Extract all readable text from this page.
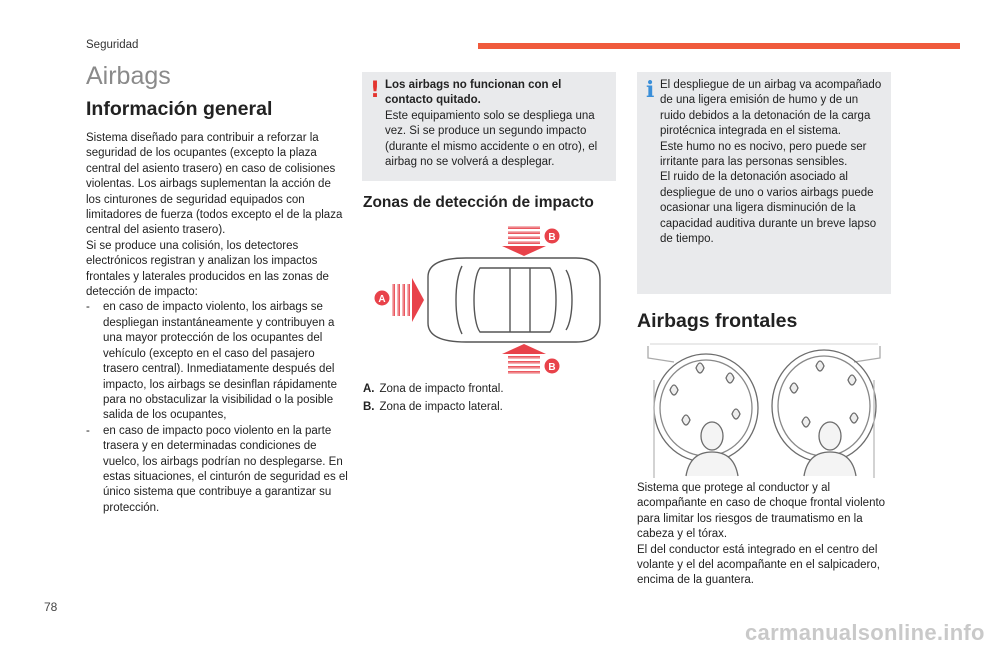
Seguridad
Airbags
Información general

Sistema diseñado para contribuir a reforzar la seguridad de los ocupantes (excepto la plaza central del asiento trasero) en caso de colisiones violentas. Los airbags suplementan la acción de los cinturones de seguridad equipados con limitadores de fuerza (todos excepto el de la plaza central del asiento trasero).

Si se produce una colisión, los detectores electrónicos registran y analizan los impactos frontales y laterales producidos en las zonas de detección de impacto:

- en caso de impacto violento, los airbags se despliegan instantáneamente y contribuyen a una mayor protección de los ocupantes del vehículo (excepto en el caso del pasajero trasero central). Inmediatamente después del impacto, los airbags se desinflan rápidamente para no obstaculizar la visibilidad o la posible salida de los ocupantes,
- en caso de impacto poco violento en la parte trasera y en determinadas condiciones de vuelco, los airbags podrían no desplegarse. En estas situaciones, el cinturón de seguridad es el único sistema que contribuye a garantizar su protección.
! Los airbags no funcionan con el contacto quitado.

Este equipamiento solo se despliega una vez. Si se produce un segundo impacto (durante el mismo accidente o en otro), el airbag no se volverá a desplegar.

Zonas de detección de impacto
B
B
A
A. Zona de impacto frontal.
B. Zona de impacto lateral.
i El despliegue de un airbag va acompañado de una ligera emisión de humo y de un ruido debidos a la detonación de la carga pirotécnica integrada en el sistema.

Este humo no es nocivo, pero puede ser irritante para las personas sensibles.

El ruido de la detonación asociado al despliegue de uno o varios airbags puede ocasionar una ligera disminución de la capacidad auditiva durante un breve lapso de tiempo.

Airbags frontales

Sistema que protege al conductor y al acompañante en caso de choque frontal violento para limitar los riesgos de traumatismo en la cabeza y el tórax.

El del conductor está integrado en el centro del volante y el del acompañante en el salpicadero, encima de la guantera.

78
carmanualsonline.info
